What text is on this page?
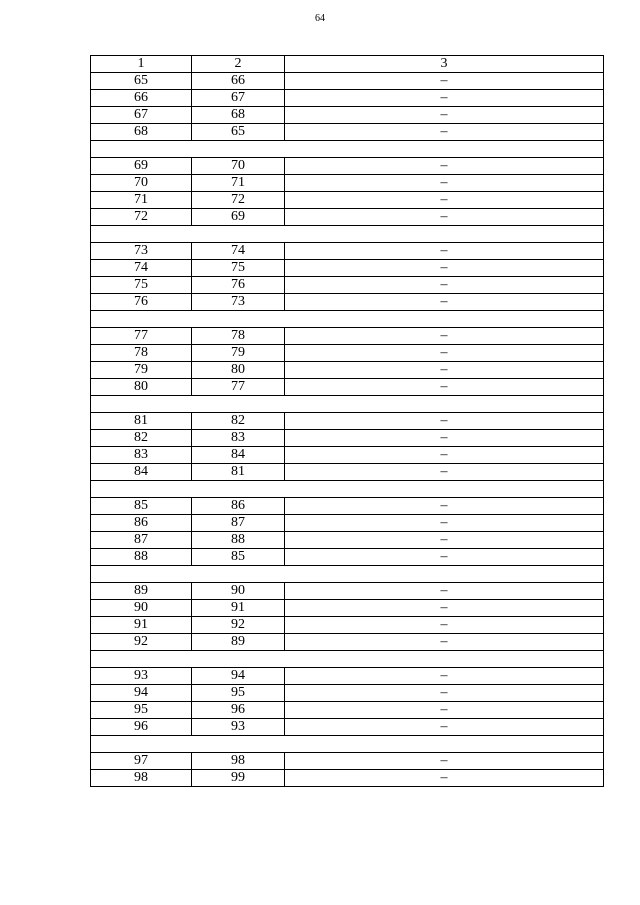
64
1	2	3
65	66	–
66	67	–
67	68	–
68	65	–

69	70	–
70	71	–
71	72	–
72	69	–

73	74	–
74	75	–
75	76	–
76	73	–

77	78	–
78	79	–
79	80	–
80	77	–

81	82	–
82	83	–
83	84	–
84	81	–

85	86	–
86	87	–
87	88	–
88	85	–

89	90	–
90	91	–
91	92	–
92	89	–

93	94	–
94	95	–
95	96	–
96	93	–

97	98	–
98	99	–
